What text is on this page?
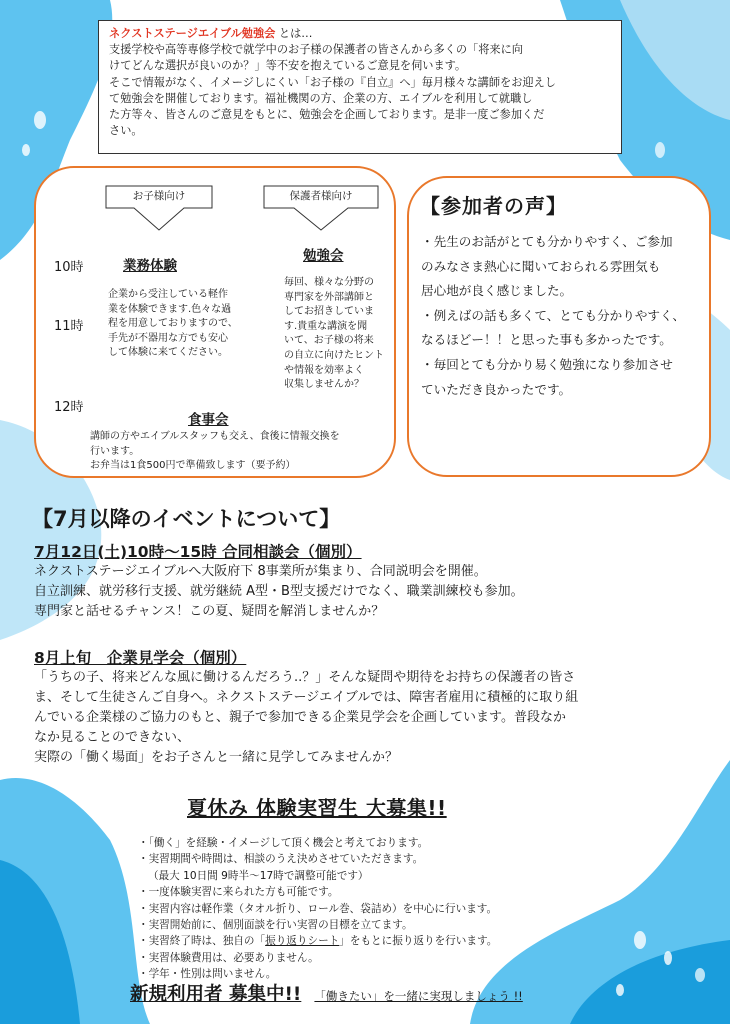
ネクストステージエイブル勉強会 とは…

支援学校や高等専修学校で就学中のお子様の保護者の皆さんから多くの「将来に向

けてどんな選択が良いのか？」等不安を抱えているご意見を伺います。

そこで情報がなく、イメージしにくい「お子様の『自立』へ」毎月様々な講師をお迎えし

て勉強会を開催しております。福祉機関の方、企業の方、エイブルを利用して就職し

た方等々、皆さんのご意見をもとに、勉強会を企画しております。是非一度ご参加くだ

さい。

お子様向け	保護者様向け
10時
11時
12時
業務体験
企業から受注している軽作
業を体験できます.色々な過
程を用意しておりますので、
手先が不器用な方でも安心
して体験に来てください。
勉強会
毎回、様々な分野の
専門家を外部講師と
してお招きしていま
す.貴重な講演を聞
いて、お子様の将来
の自立に向けたヒント
や情報を効率よく
収集しませんか？
食事会
講師の方やエイブルスタッフも交え、食後に情報交換を
行います。
お弁当は1食500円で準備致します（要予約）
【参加者の声】
・先生のお話がとても分かりやすく、ご参加
のみなさま熱心に聞いておられる雰囲気も
居心地が良く感じました。
・例えばの話も多くて、とても分かりやすく、
なるほどー！！と思った事も多かったです。
・毎回とても分かり易く勉強になり参加させ
ていただき良かったです。
【7月以降のイベントについて】
7月12日(土)10時～15時 合同相談会（個別）

ネクストステージエイブルへ大阪府下 8事業所が集まり、合同説明会を開催。

自立訓練、就労移行支援、就労継続 A型・B型支援だけでなく、職業訓練校も参加。

専門家と話せるチャンス！この夏、疑問を解消しませんか？

8月上旬　企業見学会（個別）

「うちの子、将来どんな風に働けるんだろう..？」そんな疑問や期待をお持ちの保護者の皆さ

ま、そして生徒さんご自身へ。ネクストステージエイブルでは、障害者雇用に積極的に取り組

んでいる企業様のご協力のもと、親子で参加できる企業見学会を企画しています。普段なか

なか見ることのできない、

実際の「働く場面」をお子さんと一緒に見学してみませんか？

夏休み 体験実習生 大募集!!
・「働く」を経験・イメージして頂く機会と考えております。
・実習期間や時間は、相談のうえ決めさせていただきます。
（最大 10日間 9時半～17時で調整可能です）
・一度体験実習に来られた方も可能です。
・実習内容は軽作業（タオル折り、ロール巻、袋詰め）を中心に行います。
・実習開始前に、個別面談を行い実習の目標を立てます。
・実習終了時は、独自の「振り返りシート」をもとに振り返りを行います。
・実習体験費用は、必要ありません。
・学年・性別は問いません。
新規利用者 募集中!! 「働きたい」を一緒に実現しましょう !!
